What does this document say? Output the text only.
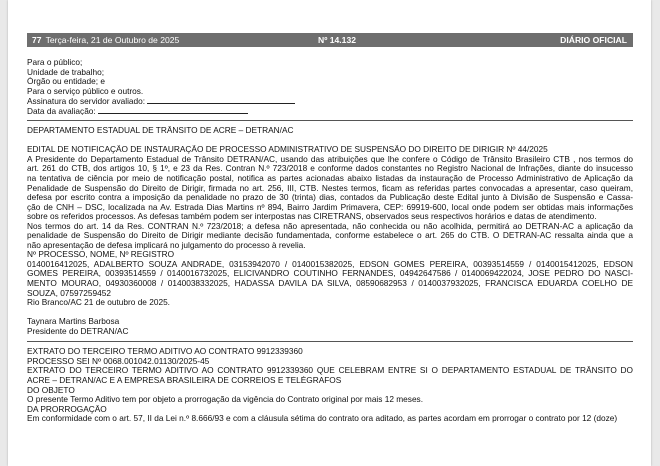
77 Terça-feira, 21 de Outubro de 2025	Nº 14.132	DIÁRIO OFICIAL
Para o público;
Unidade de trabalho;
Órgão ou entidade; e
Para o serviço público e outros.
Assinatura do servidor avaliado:
Data da avaliação:
DEPARTAMENTO ESTADUAL DE TRÂNSITO DE ACRE – DETRAN/AC
EDITAL DE NOTIFICAÇÃO DE INSTAURAÇÃO DE PROCESSO ADMINISTRATIVO DE SUSPENSÃO DO DIREITO DE DIRIGIR Nº 44/2025
A Presidente do Departamento Estadual de Trânsito DETRAN/AC, usando das atribuições que lhe confere o Código de Trânsito Brasileiro CTB , nos termos do
art. 261 do CTB, dos artigos 10, § 1º, e 23 da Res. Contran N.º 723/2018 e conforme dados constantes no Registro Nacional de Infrações, diante do insucesso
na tentativa de ciência por meio de notificação postal, notifica as partes acionadas abaixo listadas da instauração de Processo Administrativo de Aplicação da
Penalidade de Suspensão do Direito de Dirigir, firmada no art. 256, III, CTB. Nestes termos, ficam as referidas partes convocadas a apresentar, caso queiram,
defesa por escrito contra a imposição da penalidade no prazo de 30 (trinta) dias, contados da Publicação deste Edital junto à Divisão de Suspensão e Cassa-
ção de CNH – DSC, localizada na Av. Estrada Dias Martins nº 894, Bairro Jardim Primavera, CEP: 69919-600, local onde podem ser obtidas mais informações
sobre os referidos processos. As defesas também podem ser interpostas nas CIRETRANS, observados seus respectivos horários e datas de atendimento.
Nos termos do art. 14 da Res. CONTRAN N.º 723/2018; a defesa não apresentada, não conhecida ou não acolhida, permitirá ao DETRAN-AC a aplicação da
penalidade de Suspensão do Direito de Dirigir mediante decisão fundamentada, conforme estabelece o art. 265 do CTB. O DETRAN-AC ressalta ainda que a
não apresentação de defesa implicará no julgamento do processo à revelia.
Nº PROCESSO, NOME, Nº REGISTRO
0140016412025, ADALBERTO SOUZA ANDRADE, 03153942070 / 0140015382025, EDSON GOMES PEREIRA, 00393514559 / 0140015412025, EDSON
GOMES PEREIRA, 00393514559 / 0140016732025, ELICIVANDRO COUTINHO FERNANDES, 04942647586 / 0140069422024, JOSE PEDRO DO NASCI-
MENTO MOURAO, 04930360008 / 0140038332025, HADASSA DAVILA DA SILVA, 08590682953 / 0140037932025, FRANCISCA EDUARDA COELHO DE
SOUZA, 07597259452
Rio Branco/AC 21 de outubro de 2025.
Taynara Martins Barbosa
Presidente do DETRAN/AC
EXTRATO DO TERCEIRO TERMO ADITIVO AO CONTRATO 9912339360
PROCESSO SEI Nº 0068.001042.01130/2025-45
EXTRATO DO TERCEIRO TERMO ADITIVO AO CONTRATO 9912339360 QUE CELEBRAM ENTRE SI O DEPARTAMENTO ESTADUAL DE TRÂNSITO DO
ACRE – DETRAN/AC E A EMPRESA BRASILEIRA DE CORREIOS E TELÉGRAFOS
DO OBJETO
O presente Termo Aditivo tem por objeto a prorrogação da vigência do Contrato original por mais 12 meses.
DA PRORROGAÇÃO
Em conformidade com o art. 57, II da Lei n.º 8.666/93 e com a cláusula sétima do contrato ora aditado, as partes acordam em prorrogar o contrato por 12 (doze)
